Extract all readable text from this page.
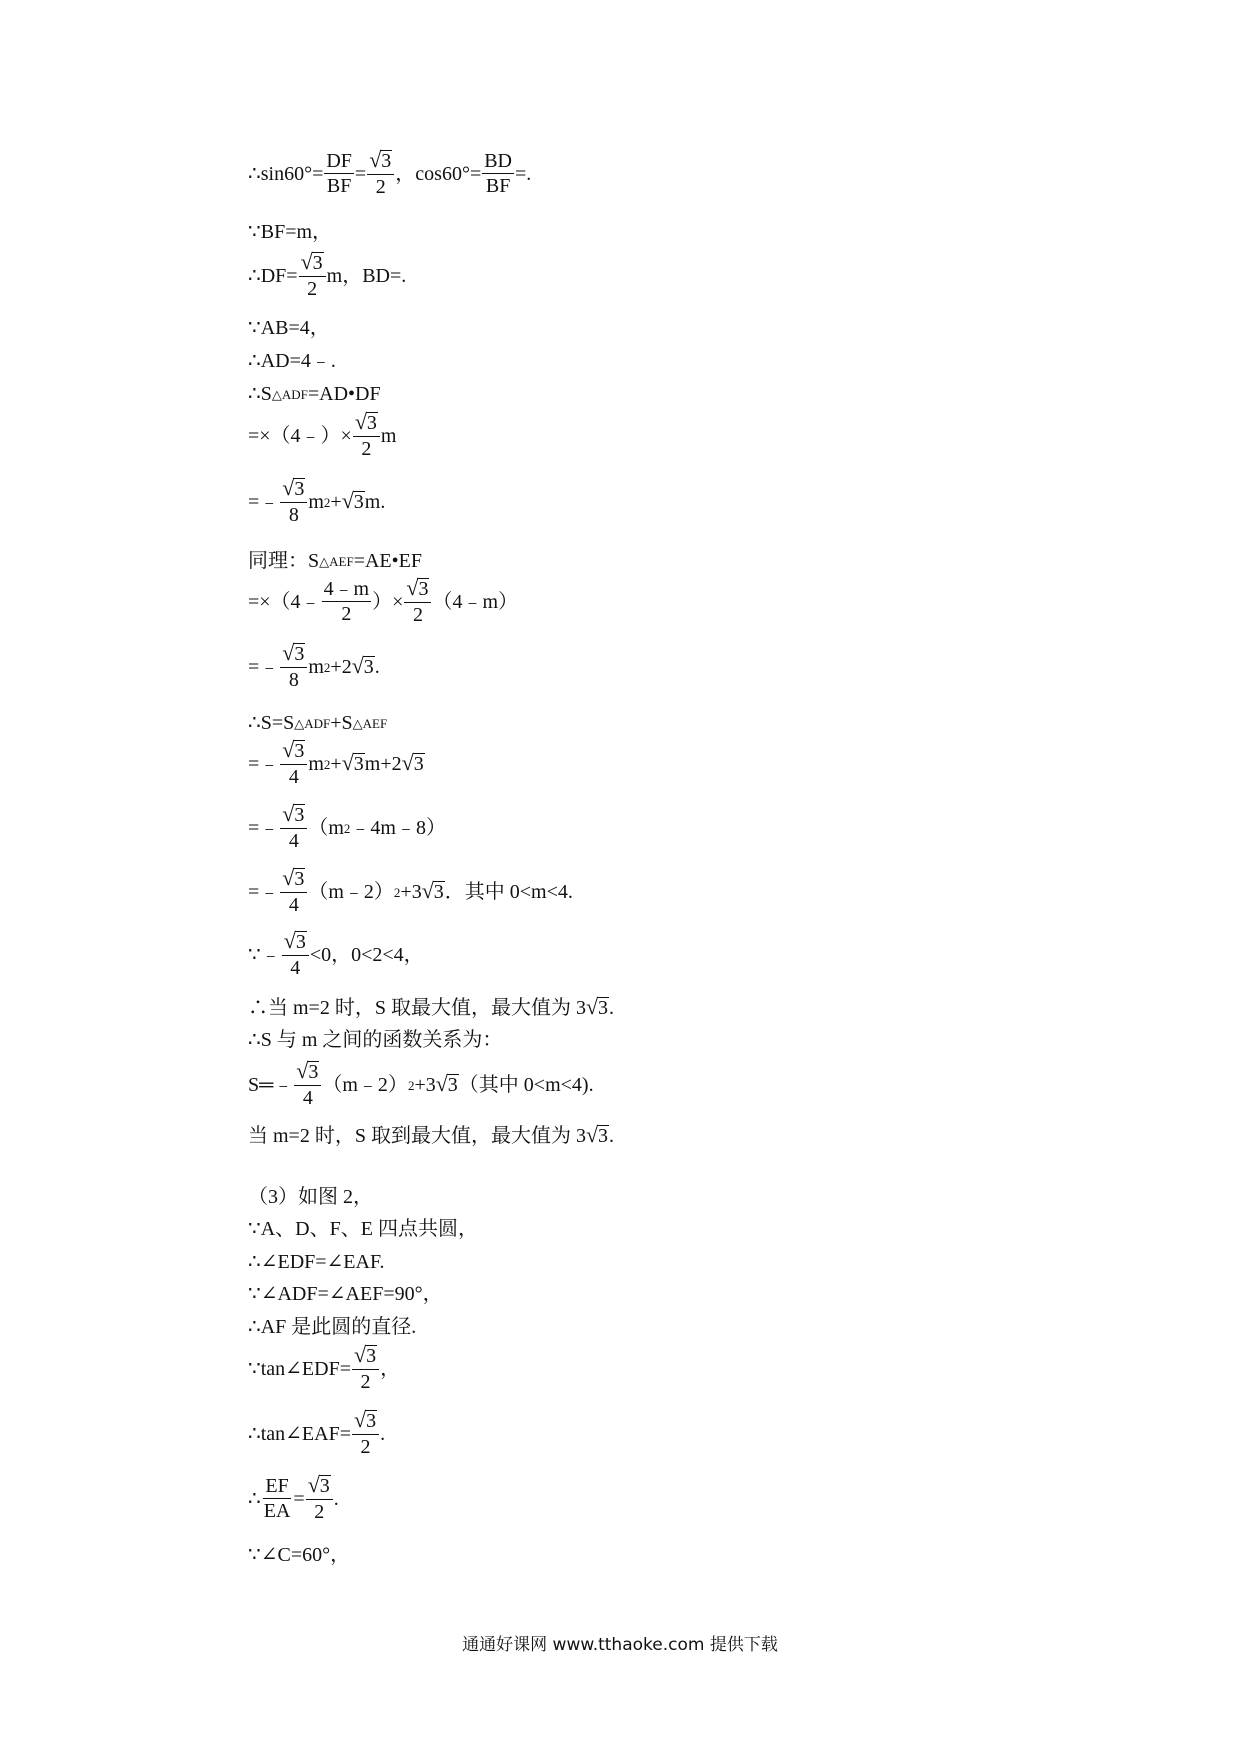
∴sin60°= $\frac{DF}{BF} = \frac{√ 3}{2}$ ，$\cos 60^\circ= \frac{BD}{BF}$ =.
∵BF=m，
∴DF= $\frac{√ 3}{2}$ m，BD=.
∵AB=4，
∴AD=4﹣.
∴S △ADF =AD•DF
=×（4﹣）× $\frac{√ 3}{2}$ m
=﹣ $\frac{√ 3}{8}$ m 2 + √ 3 m.
同理：S △AEF =AE•EF
=×（4﹣ $\frac{4﹣m}{2}$ ）× $\frac{√ 3}{2}$ （4﹣m）
=﹣ $\frac{√ 3}{8}$ m 2 +2 √ 3 .
∴S=S △ADF +S △AEF
=﹣ $\frac{√ 3}{4}$ m 2 + √ 3 m+2 √ 3
=﹣ $\frac{√ 3}{4} (m$ 2 ﹣4m﹣8）
=﹣ $\frac{√ 3}{4}$ （m﹣2） 2 +3 √ 3 ．其中 0<m<4.
∵﹣ $\frac{√ 3}{4} <0$，0<2<4，
∴当 m=2 时，S 取最大值，最大值为 3 √ 3 .
∴S 与 m 之间的函数关系为：
S═﹣ $\frac{√ 3}{4}$ （m﹣2） 2 +3 √ 3 （其中 0<m<4).
当 m=2 时，S 取到最大值，最大值为 3 √ 3 .
（3）如图 2，
∵A、D、F、E 四点共圆，
∴∠EDF=∠EAF.
∵∠ADF=∠AEF=90°，
∴AF 是此圆的直径.
∵tan∠EDF= $\frac{√ 3}{2}$ ，
∴tan∠EAF= $\frac{√ 3}{2}$ .
∴ $\frac{EF}{EA} = \frac{√ 3}{2}$ .
∵∠C=60°，
通通好课网 www.tthaoke.com 提供下载
